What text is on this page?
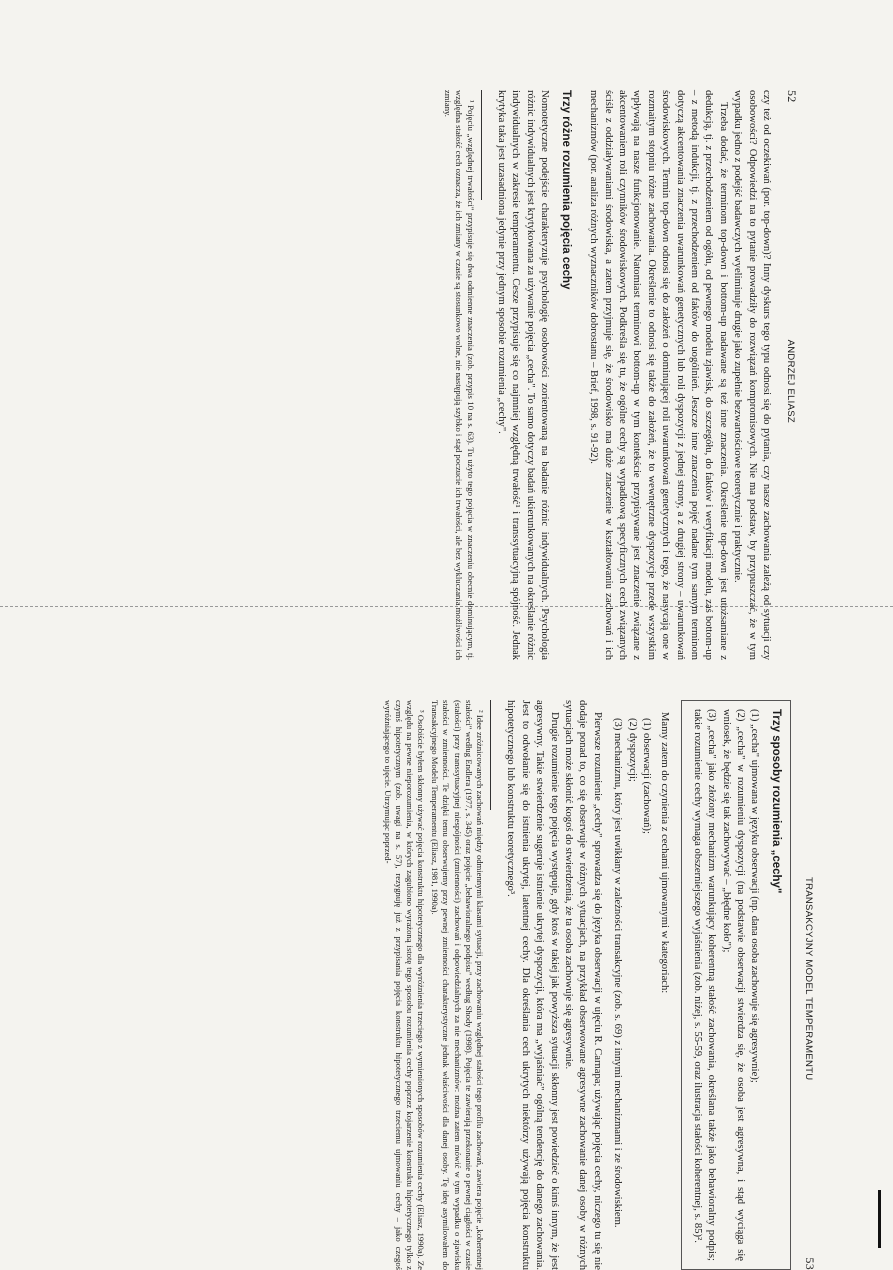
52
ANDRZEJ ELIASZ

czy też od oczekiwań (por. top-down)? Inny dyskurs tego typu odnosi się do pytania, czy nasze zachowania zależą od sytuacji czy osobowości? Odpowiedzi na to pytanie prowadziły do rozwiązań kompromisowych. Nie ma podstaw, by przypuszczać, że w tym wypadku jedno z podejść badawczych wyeliminuje drugie jako zupełnie bezwartościowe teoretycznie i praktycznie.

Trzeba dodać, że terminom top-down i bottom-up nadawane są też inne znaczenia. Określenie top-down jest utożsamiane z dedukcją, tj. z przechodzeniem od ogółu, od pewnego modelu zjawisk, do szczegółu, do faktów i weryfikacji modelu, zaś bottom-up – z metodą indukcji, tj. z przechodzeniem od faktów do uogólnień. Jeszcze inne znaczenia pojęć nadane tym samym terminom dotyczą akcentowania znaczenia uwarunkowań genetycznych lub roli dyspozycji z jednej strony, a z drugiej strony – uwarunkowań środowiskowych. Termin top-down odnosi się do założeń o dominującej roli uwarunkowań genetycznych i tego, że nasycają one w rozmaitym stopniu różne zachowania. Określenie to odnosi się także do założeń, że to wewnętrzne dyspozycje przede wszystkim wpływają na nasze funkcjonowanie. Natomiast terminowi bottom-up w tym kontekście przypisywane jest znaczenie związane z akcentowaniem roli czynników środowiskowych. Podkreśla się tu, że ogólne cechy są wypadkową specyficznych cech związanych ściśle z oddziaływaniami środowiska, a zatem przyjmuje się, że środowisko ma duże znaczenie w kształtowaniu zachowań i ich mechanizmów (por. analiza różnych wyznaczników dobrostanu – Brief, 1998, s. 91-92).

Trzy różne rozumienia pojęcia cechy

Nomotetyczne podejście charakteryzuje psychologię osobowości zorientowaną na badanie różnic indywidualnych. Psychologia różnic indywidualnych jest krytykowana za używanie pojęcia „cecha". To samo dotyczy badań ukierunkowanych na określanie różnic indywidualnych w zakresie temperamentu. Cesze przypisuje się co najmniej względną trwałość¹ i transsytuacyjną spójność. Jednak krytyka taka jest uzasadniona jedynie przy jednym sposobie rozumienia „cechy".

¹ Pojęciu „względnej trwałości" przypisuje się dwa odmienne znaczenia (zob. przypis 10 na s. 63). Tu użyto tego pojęcia w znaczeniu obecnie dominującym, tj. względna stałość cech oznacza, że ich zmiany w czasie są stosunkowo wolne, nie następują szybko i stąd poczucie ich trwałości, ale bez wykluczania możliwości ich zmiany.

TRANSAKCYJNY MODEL TEMPERAMENTU
53
Trzy sposoby rozumienia „cechy"

(1) „cecha" ujmowana w języku obserwacji (np. dana osoba zachowuje się agresywnie);

(2) „cecha" w rozumieniu dyspozycji (na podstawie obserwacji stwierdza się, że osoba jest agresywna, i stąd wyciąga się wniosek, że będzie się tak zachowywać – „błędne koło");

(3) „cecha" jako złożony mechanizm warunkujący koherentną stałość zachowania, określana także jako behawioralny podpis; takie rozumienie cechy wymaga obszerniejszego wyjaśnienia (zob. niżej, s. 55-59, oraz ilustracja stałości koherentnej, s. 85)².

Mamy zatem do czynienia z cechami ujmowanymi w kategoriach:

(1) obserwacji (zachowań);
(2) dyspozycji;
(3) mechanizmu, który jest uwikłany w zależności transakcyjne (zob. s. 69) z innymi mechanizmami i ze środowiskiem.

Pierwsze rozumienie „cechy" sprowadza się do języka obserwacji w ujęciu R. Carnapa; używając pojęcia cechy, niczego tu się nie dodaje ponad to, co się obserwuje w różnych sytuacjach, na przykład obserwowane agresywne zachowanie danej osoby w różnych sytuacjach może skłonić kogoś do stwierdzenia, że ta osoba zachowuje się agresywnie.

Drugie rozumienie tego pojęcia występuje, gdy ktoś w takiej jak powyższa sytuacji skłonny jest powiedzieć o kimś innym, że jest agresywny. Takie stwierdzenie sugeruje istnienie ukrytej dyspozycji, która ma „wyjaśniać" ogólną tendencję do danego zachowania. Jest to odwołanie się do istnienia ukrytej, latentnej cechy. Dla określania cech ukrytych niektórzy używają pojęcia konstruktu hipotetycznego lub konstruktu teoretycznego³.

² Idee zróżnicowanych zachowań między odmiennymi klasami sytuacji, przy zachowaniu względnej stałości tego profilu zachowań, zawiera pojęcie „koherentnej stałości" według Endlera (1977, s. 345) oraz pojęcie „behawioralnego podpisu" według Shody (1998). Pojęcia te zawierają przekonanie o pewnej ciągłości w czasie (stałości) przy transsytuacyjnej niespójności (zmienności) zachowań i odpowiedzialnych za nie mechanizmów: można zatem mówić w tym wypadku o zjawisku stałości w zmienności. Te dzięki temu obserwujemy przy pewnej zmienności charakterystyczne jednak właściwości dla danej osoby. Tę ideę asymilowałem do Transakcyjnego Modelu Temperamentu (Eliasz, 1981, 1990a).

³ Osobiście byłem skłonny używać pojęcia konstruktu hipotetycznego dla wyróżnienia trzeciego z wymienionych sposobów rozumienia cechy (Eliasz, 1990a). Ze względu na pewne nieporozumienia, w których zagubiono wyrażoną istotę tego sposobu rozumienia cechy poprzez kojarzenie konstruktu hipotetycznego tylko z czymś hipotetycznym (zob. uwagi na s. 57), rezygnuję już z przypisania pojęcia konstruktu hipotetycznego trzeciemu ujmowaniu cechy – jako czegoś wyróżniającego to ujęcie. Utrzymując poprzed-
